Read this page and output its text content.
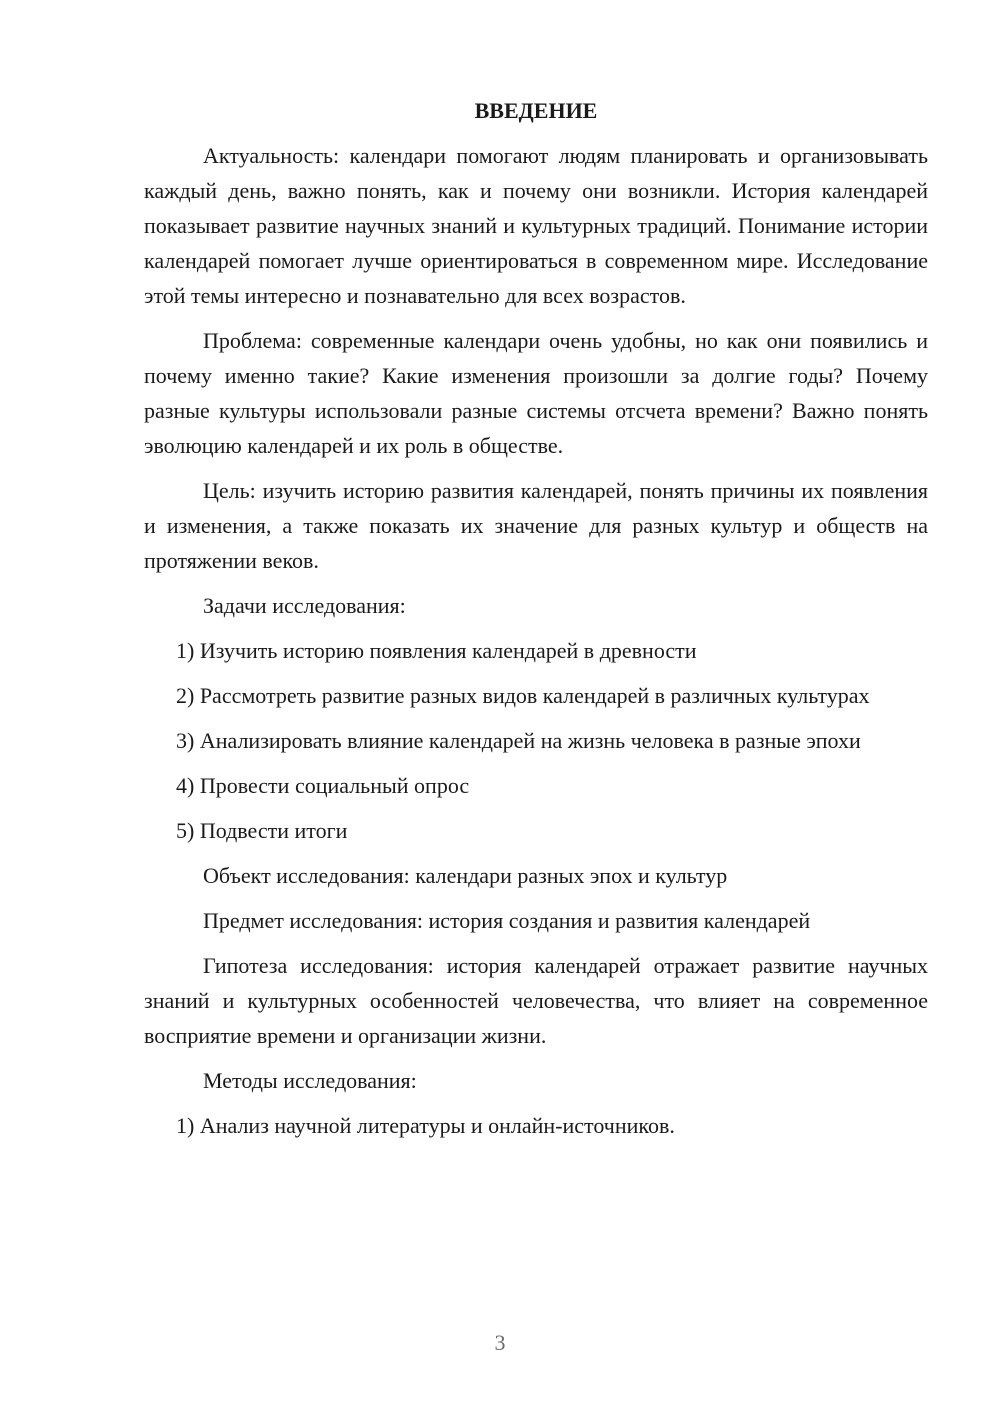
ВВЕДЕНИЕ

Актуальность: календари помогают людям планировать и организовывать каждый день, важно понять, как и почему они возникли. История календарей показывает развитие научных знаний и культурных традиций. Понимание истории календарей помогает лучше ориентироваться в современном мире. Исследование этой темы интересно и познавательно для всех возрастов.

Проблема: современные календари очень удобны, но как они появились и почему именно такие? Какие изменения произошли за долгие годы? Почему разные культуры использовали разные системы отсчета времени? Важно понять эволюцию календарей и их роль в обществе.

Цель: изучить историю развития календарей, понять причины их появления и изменения, а также показать их значение для разных культур и обществ на протяжении веков.

Задачи исследования:

1) Изучить историю появления календарей в древности

2) Рассмотреть развитие разных видов календарей в различных культурах

3) Анализировать влияние календарей на жизнь человека в разные эпохи

4) Провести социальный опрос

5) Подвести итоги

Объект исследования: календари разных эпох и культур

Предмет исследования: история создания и развития календарей

Гипотеза исследования: история календарей отражает развитие научных знаний и культурных особенностей человечества, что влияет на современное восприятие времени и организации жизни.

Методы исследования:

1) Анализ научной литературы и онлайн-источников.

3
